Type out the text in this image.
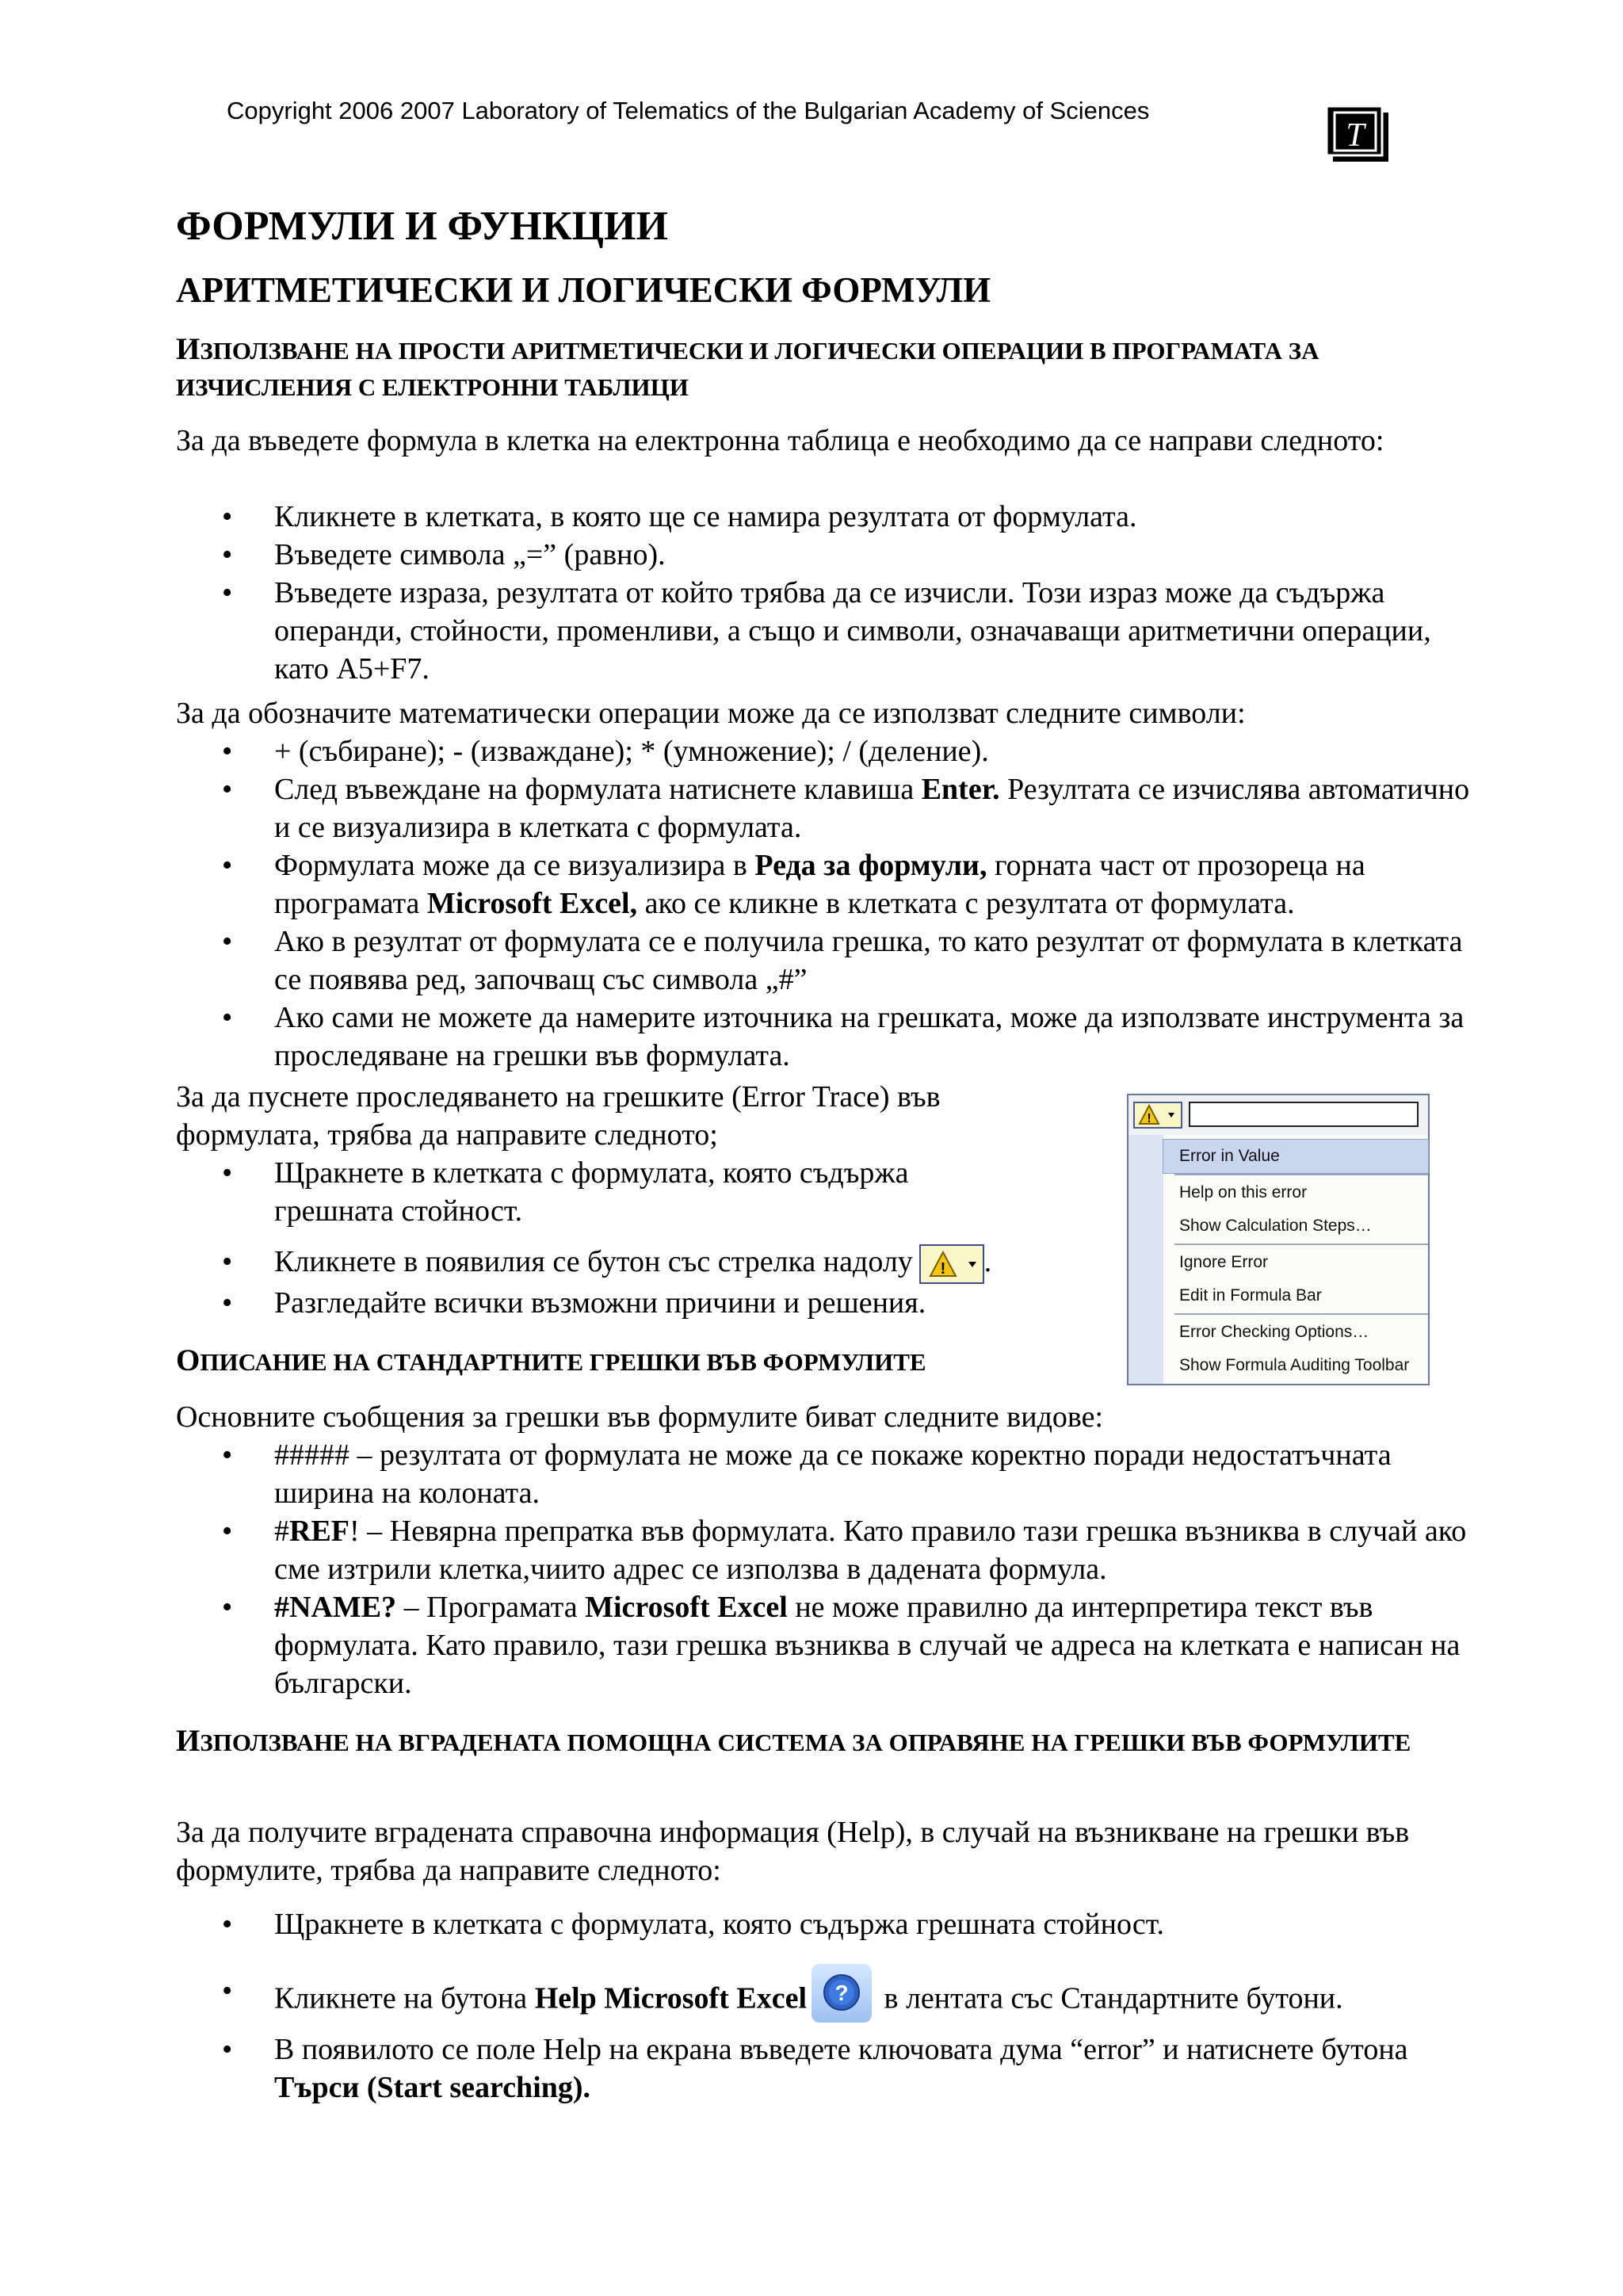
Copyright 2006 2007 Laboratory of Telematics of the Bulgarian Academy of Sciences
T
ФОРМУЛИ И ФУНКЦИИ
АРИТМЕТИЧЕСКИ И ЛОГИЧЕСКИ ФОРМУЛИ

ИЗПОЛЗВАНЕ НА ПРОСТИ АРИТМЕТИЧЕСКИ И ЛОГИЧЕСКИ ОПЕРАЦИИ В ПРОГРАМАТА ЗА ИЗЧИСЛЕНИЯ С ЕЛЕКТРОННИ ТАБЛИЦИ

За да въведете формула в клетка на електронна таблица е необходимо да се направи следното:

• Кликнете в клетката, в която ще се намира резултата от формулата.
• Въведете символа „=” (равно).
• Въведете израза, резултата от който трябва да се изчисли. Този израз може да съдържа операнди, стойности, променливи, а също и символи, означаващи аритметични операции, като A5+F7.

За да обозначите математически операции може да се използват следните символи:

• + (събиране); - (изваждане); * (умножение); / (деление).
• След въвеждане на формулата натиснете клавиша Enter. Резултата се изчислява автоматично и се визуализира в клетката с формулата.
• Формулата може да се визуализира в Реда за формули, горната част от прозореца на програмата Microsoft Excel, ако се кликне в клетката с резултата от формулата.
• Ако в резултат от формулата се е получила грешка, то като резултат от формулата в клетката се появява ред, започващ със символа „#”
• Ако сами не можете да намерите източника на грешката, може да използвате инструмента за проследяване на грешки във формулата.

За да пуснете проследяването на грешките (Error Trace) във формулата, трябва да направите следното;

• Щракнете в клетката с формулата, която съдържа грешната стойност.
• Кликнете в появилия се бутон със стрелка надолу ! .
• Разгледайте всички възможни причини и решения.
!
Error in Value
Help on this error
Show Calculation Steps…
Ignore Error
Edit in Formula Bar
Error Checking Options…
Show Formula Auditing Toolbar

ОПИСАНИЕ НА СТАНДАРТНИТЕ ГРЕШКИ ВЪВ ФОРМУЛИТЕ

Основните съобщения за грешки във формулите биват следните видове:

• ##### – резултата от формулата не може да се покаже коректно поради недостатъчната ширина на колоната.
• #REF! – Невярна препратка във формулата. Като правило тази грешка възниква в случай ако сме изтрили клетка,чиито адрес се използва в дадената формула.
• #NAME? – Програмата Microsoft Excel не може правилно да интерпретира текст във формулата. Като правило, тази грешка възниква в случай че адреса на клетката е написан на български.

ИЗПОЛЗВАНЕ НА ВГРАДЕНАТА ПОМОЩНА СИСТЕМА ЗА ОПРАВЯНЕ НА ГРЕШКИ ВЪВ ФОРМУЛИТЕ

За да получите вградената справочна информация (Help), в случай на възникване на грешки във формулите, трябва да направите следното:

• Щракнете в клетката с формулата, която съдържа грешната стойност.
• Кликнете на бутона Help Microsoft Excel ? в лентата със Стандартните бутони.
• В появилото се поле Help на екрана въведете ключовата дума “error” и натиснете бутона Търси (Start searching).
